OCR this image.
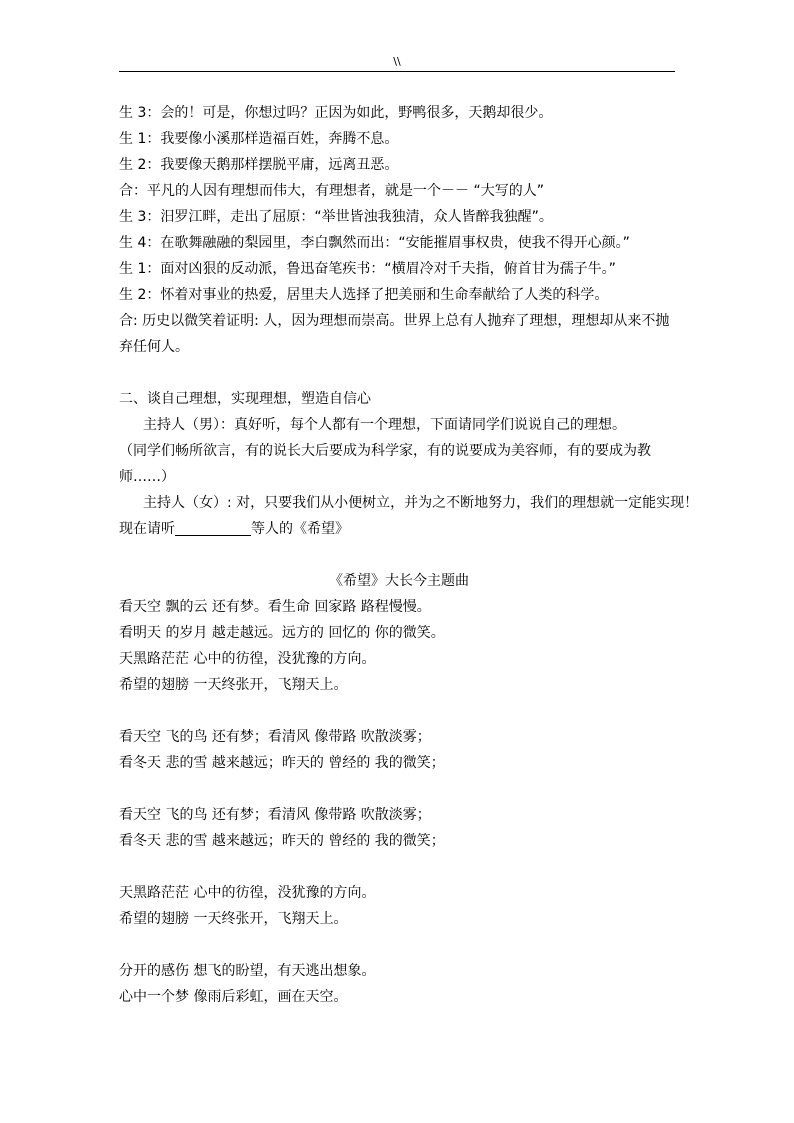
\\
生 3：会的！可是，你想过吗？正因为如此，野鸭很多，天鹅却很少。
生 1：我要像小溪那样造福百姓，奔腾不息。
生 2：我要像天鹅那样摆脱平庸，远离丑恶。
合：平凡的人因有理想而伟大，有理想者，就是一个－－ “大写的人”
生 3：汨罗江畔，走出了屈原：“举世皆浊我独清，众人皆醉我独醒”。
生 4：在歌舞融融的梨园里，李白飘然而出：“安能摧眉事权贵，使我不得开心颜。”
生 1：面对凶狠的反动派，鲁迅奋笔疾书：“横眉冷对千夫指，俯首甘为孺子牛。”
生 2：怀着对事业的热爱，居里夫人选择了把美丽和生命奉献给了人类的科学。
合: 历史以微笑着证明: 人，因为理想而崇高。世界上总有人抛弃了理想，理想却从来不抛弃任何人。
二、谈自己理想，实现理想，塑造自信心
主持人（男）：真好听，每个人都有一个理想，下面请同学们说说自己的理想。
（同学们畅所欲言，有的说长大后要成为科学家，有的说要成为美容师，有的要成为教师……）
主持人（女）: 对，只要我们从小便树立，并为之不断地努力，我们的理想就一定能实现！
现在请听	等人的《希望》
《希望》大长今主题曲
看天空 飘的云 还有梦。看生命 回家路 路程慢慢。
看明天 的岁月 越走越远。远方的 回忆的 你的微笑。
天黑路茫茫 心中的彷徨，没犹豫的方向。
希望的翅膀 一天终张开，飞翔天上。
看天空 飞的鸟 还有梦；看清风 像带路 吹散淡雾；
看冬天 悲的雪 越来越远；昨天的 曾经的 我的微笑；
看天空 飞的鸟 还有梦；看清风 像带路 吹散淡雾；
看冬天 悲的雪 越来越远；昨天的 曾经的 我的微笑；
天黑路茫茫 心中的彷徨，没犹豫的方向。
希望的翅膀 一天终张开，飞翔天上。
分开的感伤 想飞的盼望，有天逃出想象。
心中一个梦 像雨后彩虹，画在天空。
